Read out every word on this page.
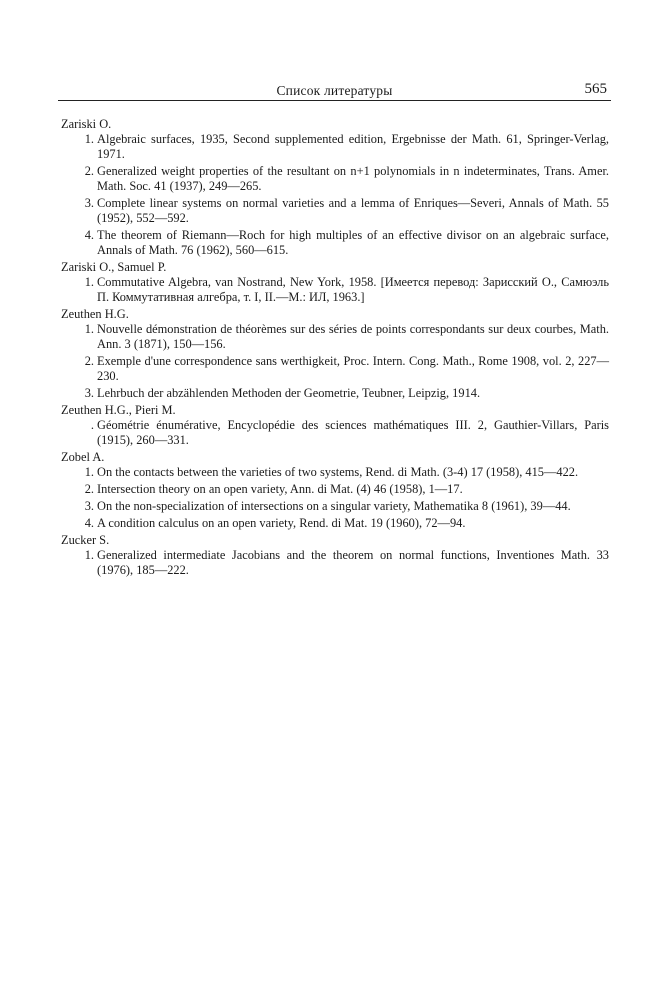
Список литературы	565

Zariski O.

1. Algebraic surfaces, 1935, Second supplemented edition, Ergebnisse der Math. 61, Springer-Verlag, 1971.
2. Generalized weight properties of the resultant on n+1 polynomials in n indeterminates, Trans. Amer. Math. Soc. 41 (1937), 249—265.
3. Complete linear systems on normal varieties and a lemma of Enriques—Severi, Annals of Math. 55 (1952), 552—592.
4. The theorem of Riemann—Roch for high multiples of an effective divisor on an algebraic surface, Annals of Math. 76 (1962), 560—615.

Zariski O., Samuel P.

1. Commutative Algebra, van Nostrand, New York, 1958. [Имеется перевод: Зарисский О., Самюэль П. Коммутативная алгебра, т. I, II.—М.: ИЛ, 1963.]

Zeuthen H.G.

1. Nouvelle démonstration de théorèmes sur des séries de points correspondants sur deux courbes, Math. Ann. 3 (1871), 150—156.
2. Exemple d'une correspondence sans werthigkeit, Proc. Intern. Cong. Math., Rome 1908, vol. 2, 227—230.
3. Lehrbuch der abzählenden Methoden der Geometrie, Teubner, Leipzig, 1914.

Zeuthen H.G., Pieri M.

. Géométrie énumérative, Encyclopédie des sciences mathématiques III. 2, Gauthier-Villars, Paris (1915), 260—331.

Zobel A.

1. On the contacts between the varieties of two systems, Rend. di Math. (3-4) 17 (1958), 415—422.
2. Intersection theory on an open variety, Ann. di Mat. (4) 46 (1958), 1—17.
3. On the non-specialization of intersections on a singular variety, Mathematika 8 (1961), 39—44.
4. A condition calculus on an open variety, Rend. di Mat. 19 (1960), 72—94.

Zucker S.

1. Generalized intermediate Jacobians and the theorem on normal functions, Inventiones Math. 33 (1976), 185—222.
